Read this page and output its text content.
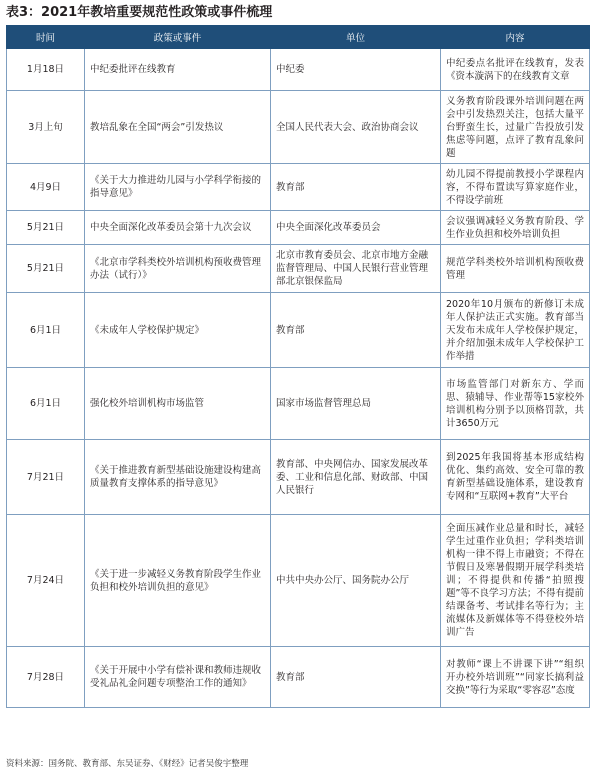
表3：2021年教培重要规范性政策或事件梳理
时间	政策或事件	单位	内容
1月18日	中纪委批评在线教育	中纪委	中纪委点名批评在线教育，发表《资本漩涡下的在线教育文章
3月上旬	教培乱象在全国“两会”引发热议	全国人民代表大会、政治协商会议	义务教育阶段课外培训问题在两会中引发热烈关注，包括大量平台野蛮生长，过量广告投放引发焦虑等问题，点评了教育乱象问题
4月9日	《关于大力推进幼儿园与小学科学衔接的指导意见》	教育部	幼儿园不得提前教授小学课程内容，不得布置读写算家庭作业，不得设学前班
5月21日	中央全面深化改革委员会第十九次会议	中央全面深化改革委员会	会议强调减轻义务教育阶段、学生作业负担和校外培训负担
5月21日	《北京市学科类校外培训机构预收费管理办法（试行）》	北京市教育委员会、北京市地方金融监督管理局、中国人民银行营业管理部北京银保监局	规范学科类校外培训机构预收费管理
6月1日	《未成年人学校保护规定》	教育部	2020年10月颁布的新修订未成年人保护法正式实施。教育部当天发布未成年人学校保护规定，并介绍加强未成年人学校保护工作举措
6月1日	强化校外培训机构市场监管	国家市场监督管理总局	市场监管部门对新东方、学而思、猿辅导、作业帮等15家校外培训机构分别予以顶格罚款，共计3650万元
7月21日	《关于推进教育新型基础设施建设构建高质量教育支撑体系的指导意见》	教育部、中央网信办、国家发展改革委、工业和信息化部、财政部、中国人民银行	到2025年我国将基本形成结构优化、集约高效、安全可靠的教育新型基础设施体系，建设教育专网和“互联网+教育”大平台
7月24日	《关于进一步减轻义务教育阶段学生作业负担和校外培训负担的意见》	中共中央办公厅、国务院办公厅	全面压减作业总量和时长，减轻学生过重作业负担；学科类培训机构一律不得上市融资；不得在节假日及寒暑假期开展学科类培训；不得提供和传播“拍照搜题”等不良学习方法；不得有提前结课备考、考试排名等行为；主流媒体及新媒体等不得登校外培训广告
7月28日	《关于开展中小学有偿补课和教师违规收受礼品礼金问题专项整治工作的通知》	教育部	对教师“课上不讲课下讲”“组织开办校外培训班”“同家长搞利益交换”等行为采取“零容忍”态度
资料来源：国务院、教育部、东吴证券、《财经》记者吴俊宇整理
